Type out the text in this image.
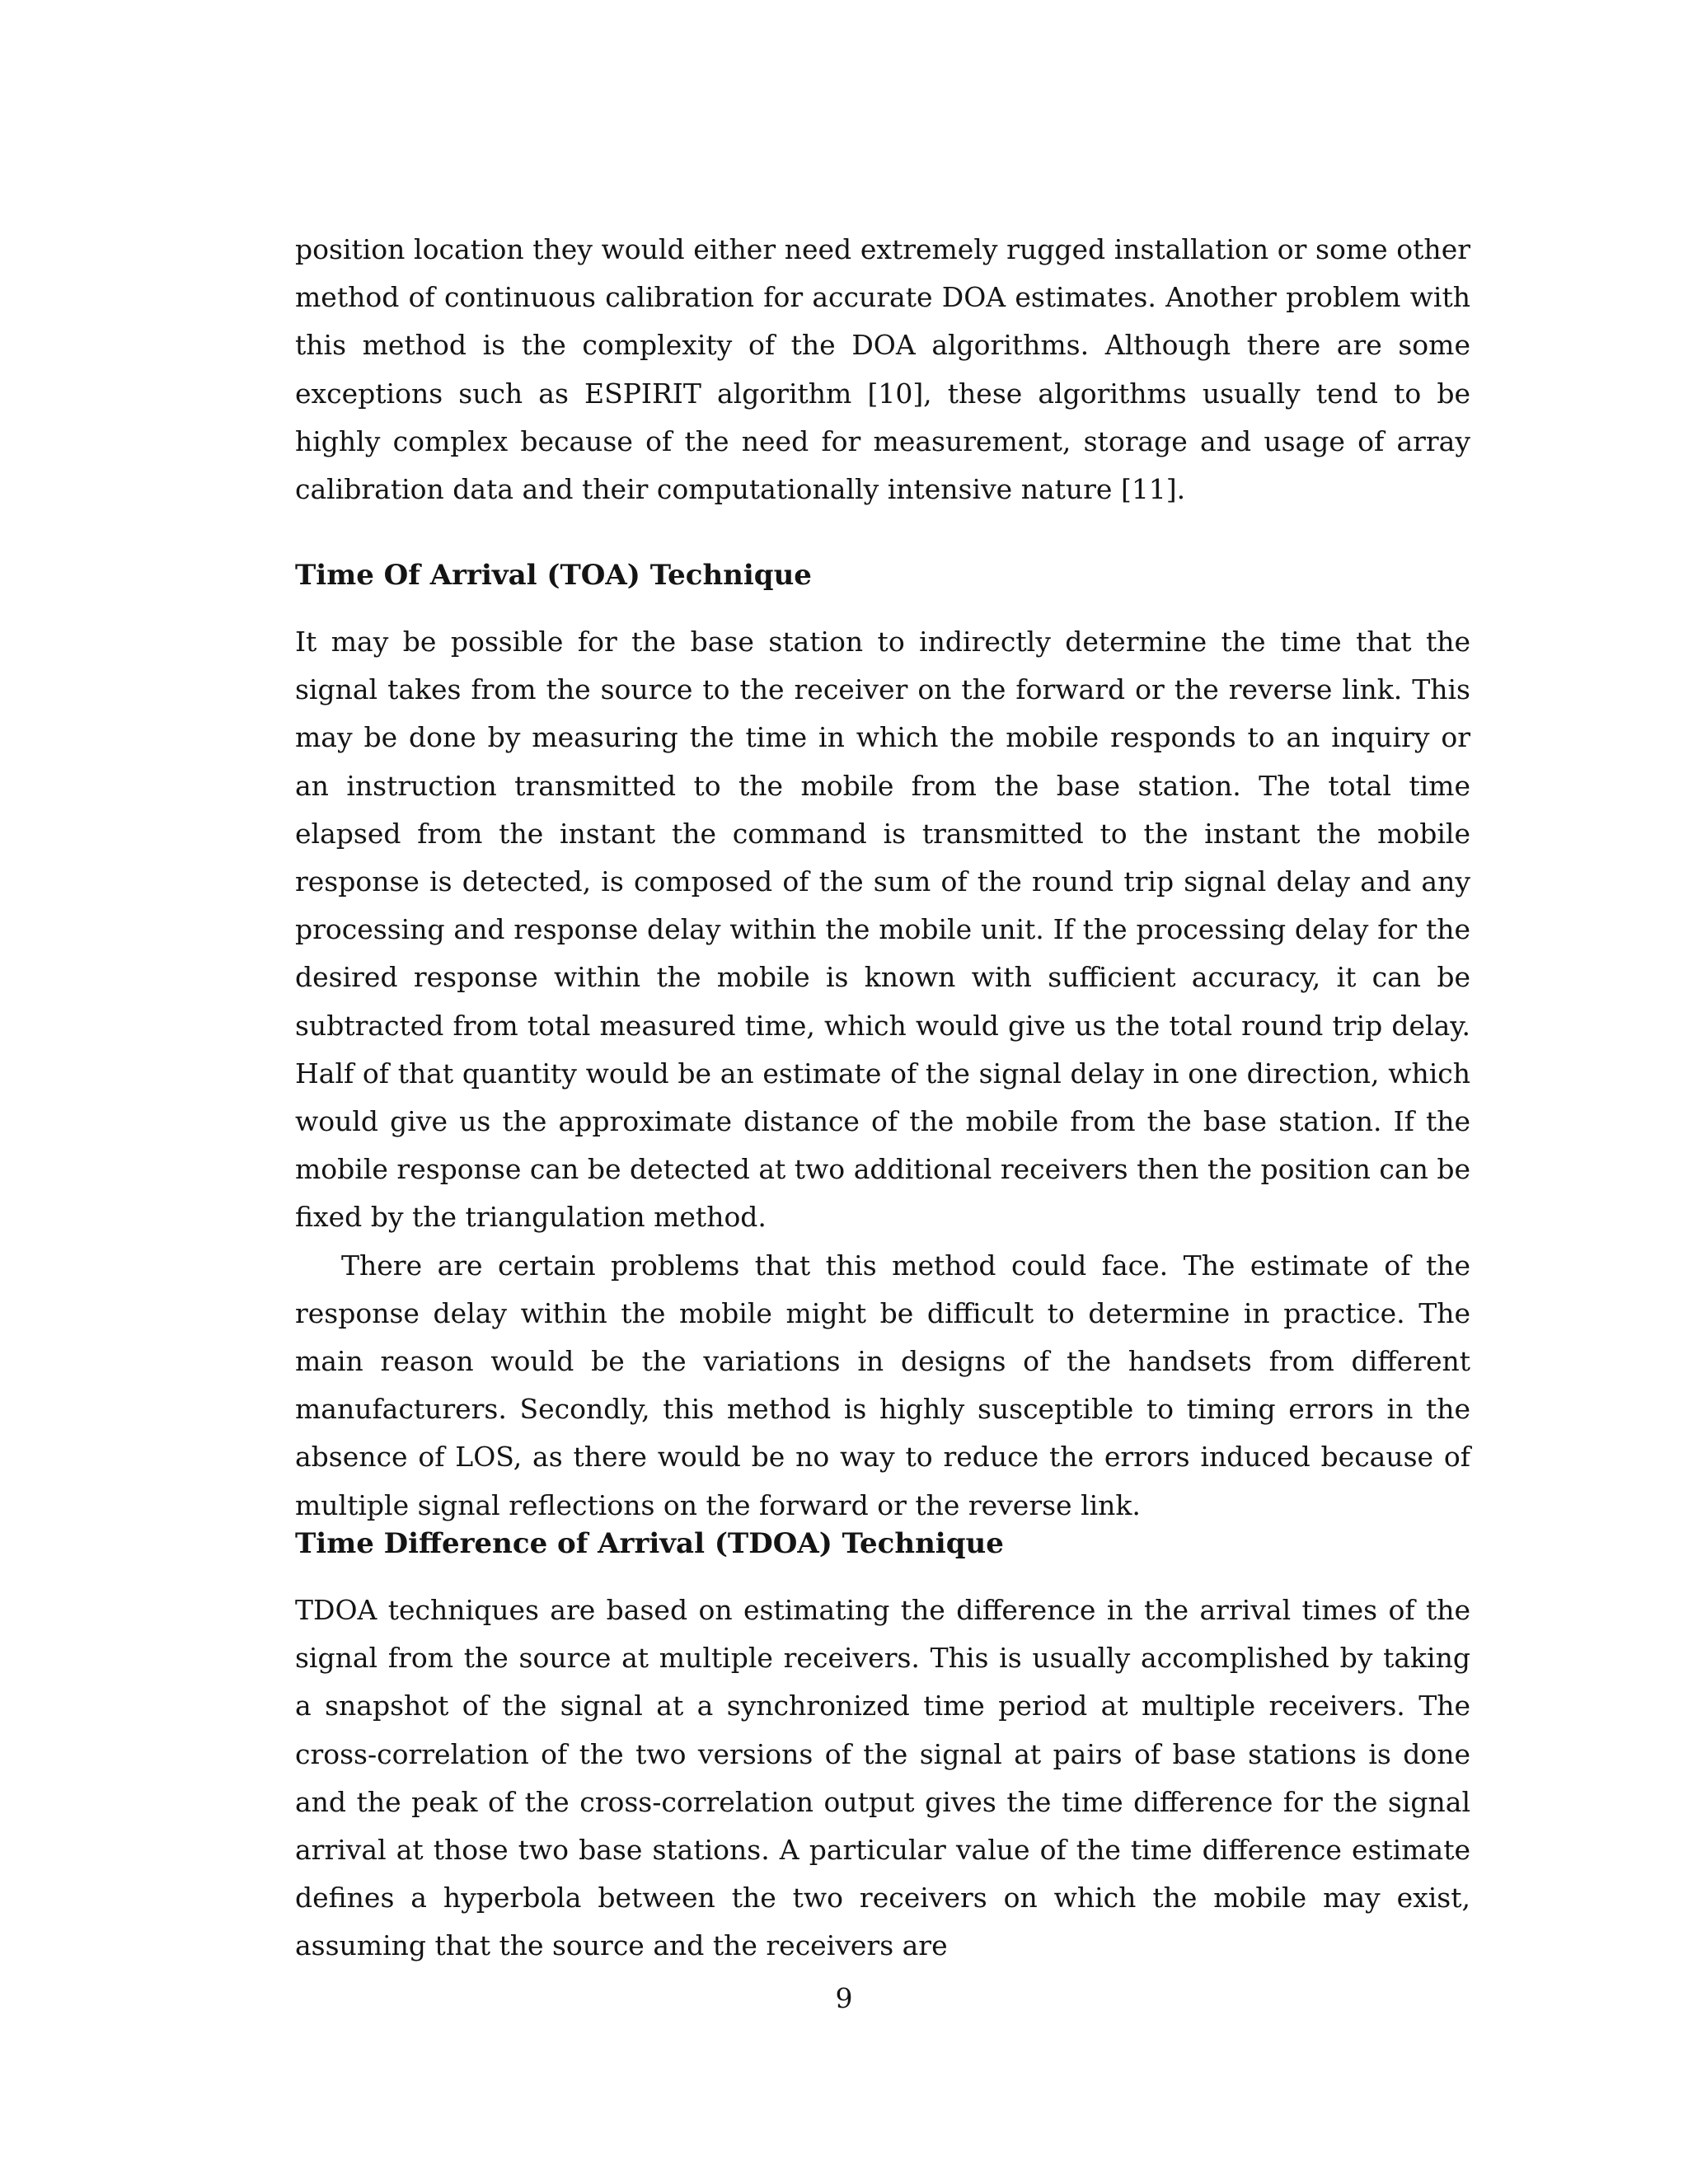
position location they would either need extremely rugged installation or some other method of continuous calibration for accurate DOA estimates. Another problem with this method is the complexity of the DOA algorithms. Although there are some exceptions such as ESPIRIT algorithm [10], these algorithms usually tend to be highly complex because of the need for measurement, storage and usage of array calibration data and their computationally intensive nature [11].

Time Of Arrival (TOA) Technique

It may be possible for the base station to indirectly determine the time that the signal takes from the source to the receiver on the forward or the reverse link. This may be done by measuring the time in which the mobile responds to an inquiry or an instruction transmitted to the mobile from the base station. The total time elapsed from the instant the command is transmitted to the instant the mobile response is detected, is composed of the sum of the round trip signal delay and any processing and response delay within the mobile unit. If the processing delay for the desired response within the mobile is known with sufficient accuracy, it can be subtracted from total measured time, which would give us the total round trip delay. Half of that quantity would be an estimate of the signal delay in one direction, which would give us the approximate distance of the mobile from the base station. If the mobile response can be detected at two additional receivers then the position can be fixed by the triangulation method.

There are certain problems that this method could face. The estimate of the response delay within the mobile might be difficult to determine in practice. The main reason would be the variations in designs of the handsets from different manufacturers. Secondly, this method is highly susceptible to timing errors in the absence of LOS, as there would be no way to reduce the errors induced because of multiple signal reflections on the forward or the reverse link.

Time Difference of Arrival (TDOA) Technique

TDOA techniques are based on estimating the difference in the arrival times of the signal from the source at multiple receivers. This is usually accomplished by taking a snapshot of the signal at a synchronized time period at multiple receivers. The cross-correlation of the two versions of the signal at pairs of base stations is done and the peak of the cross-correlation output gives the time difference for the signal arrival at those two base stations. A particular value of the time difference estimate defines a hyperbola between the two receivers on which the mobile may exist, assuming that the source and the receivers are

9
